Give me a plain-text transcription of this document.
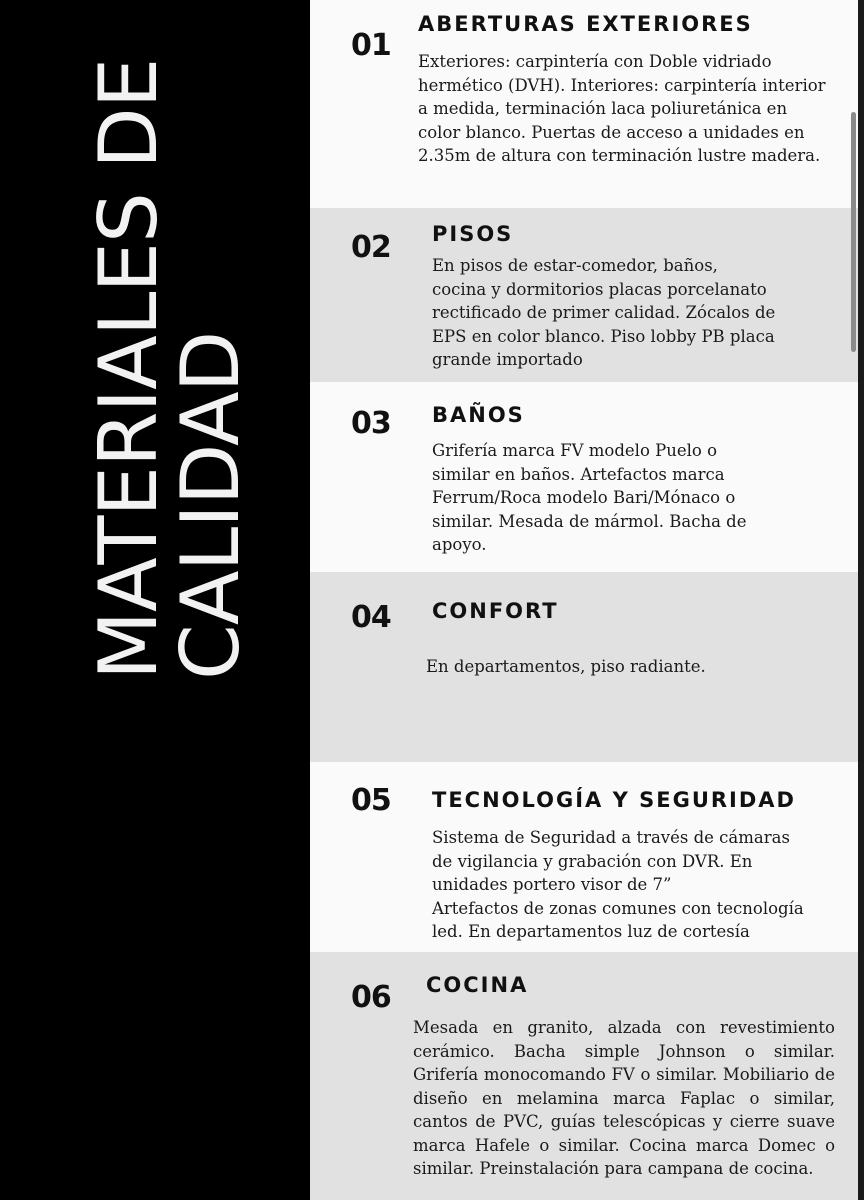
MATERIALES DE
CALIDAD
01
ABERTURAS EXTERIORES
Exteriores: carpintería con Doble vidriado hermético (DVH). Interiores: carpintería interior a medida, terminación laca poliuretánica en color blanco. Puertas de acceso a unidades en 2.35m de altura con terminación lustre madera.
02 PISOS
En pisos de estar-comedor, baños, cocina y dormitorios placas porcelanato rectificado de primer calidad. Zócalos de EPS en color blanco. Piso lobby PB placa grande importado
03 BAÑOS
Grifería marca FV modelo Puelo o similar en baños. Artefactos marca Ferrum/Roca modelo Bari/Mónaco o similar. Mesada de mármol. Bacha de apoyo.
04 CONFORT
En departamentos, piso radiante.
05 TECNOLOGÍA Y SEGURIDAD
Sistema de Seguridad a través de cámaras de vigilancia y grabación con DVR. En unidades portero visor de 7”
Artefactos de zonas comunes con tecnología led. En departamentos luz de cortesía
06 COCINA
Mesada en granito, alzada con revestimiento cerámico. Bacha simple Johnson o similar. Grifería monocomando FV o similar. Mobiliario de diseño en melamina marca Faplac o similar, cantos de PVC, guías telescópicas y cierre suave marca Hafele o similar. Cocina marca Domec o similar. Preinstalación para campana de cocina.
